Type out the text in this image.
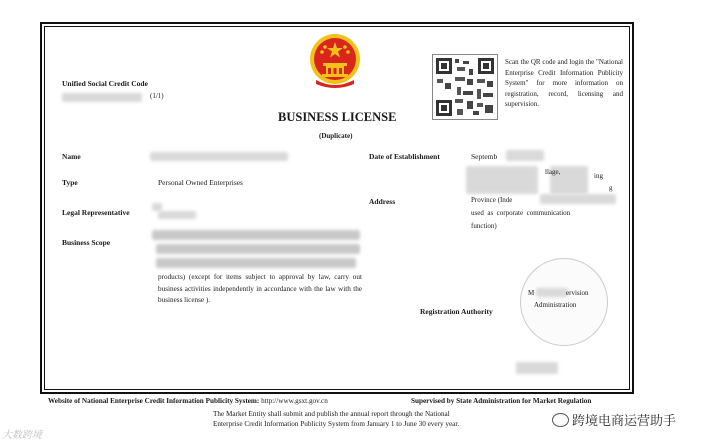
BUSINESS LICENSE
(Duplicate)
Unified Social Credit Code
(1/1)
Scan the QR code and login the "National Enterprise Credit Information Publicity System" for more information on registration, record, licensing and supervision.
Name
Type	Personal Owned Enterprises
Legal Representative
Business Scope
products) (except for items subject to approval by law, carry out business activities independently in accordance with the law with the business license ).
Date of Establishment	Septemb
Address
llage,	ing
g
Province (Inde
used  as  corporate  communication
function)
Registration Authority
M	ervision
Administration
Website of National Enterprise Credit Information Publicity System: http://www.gsxt.gov.cn	Supervised by State Administration for Market Regulation
The Market Entity shall submit and publish the annual report through the National
Enterprise Credit Information Publicity System from January 1 to June 30 every year.
大数跨境
跨境电商运营助手
